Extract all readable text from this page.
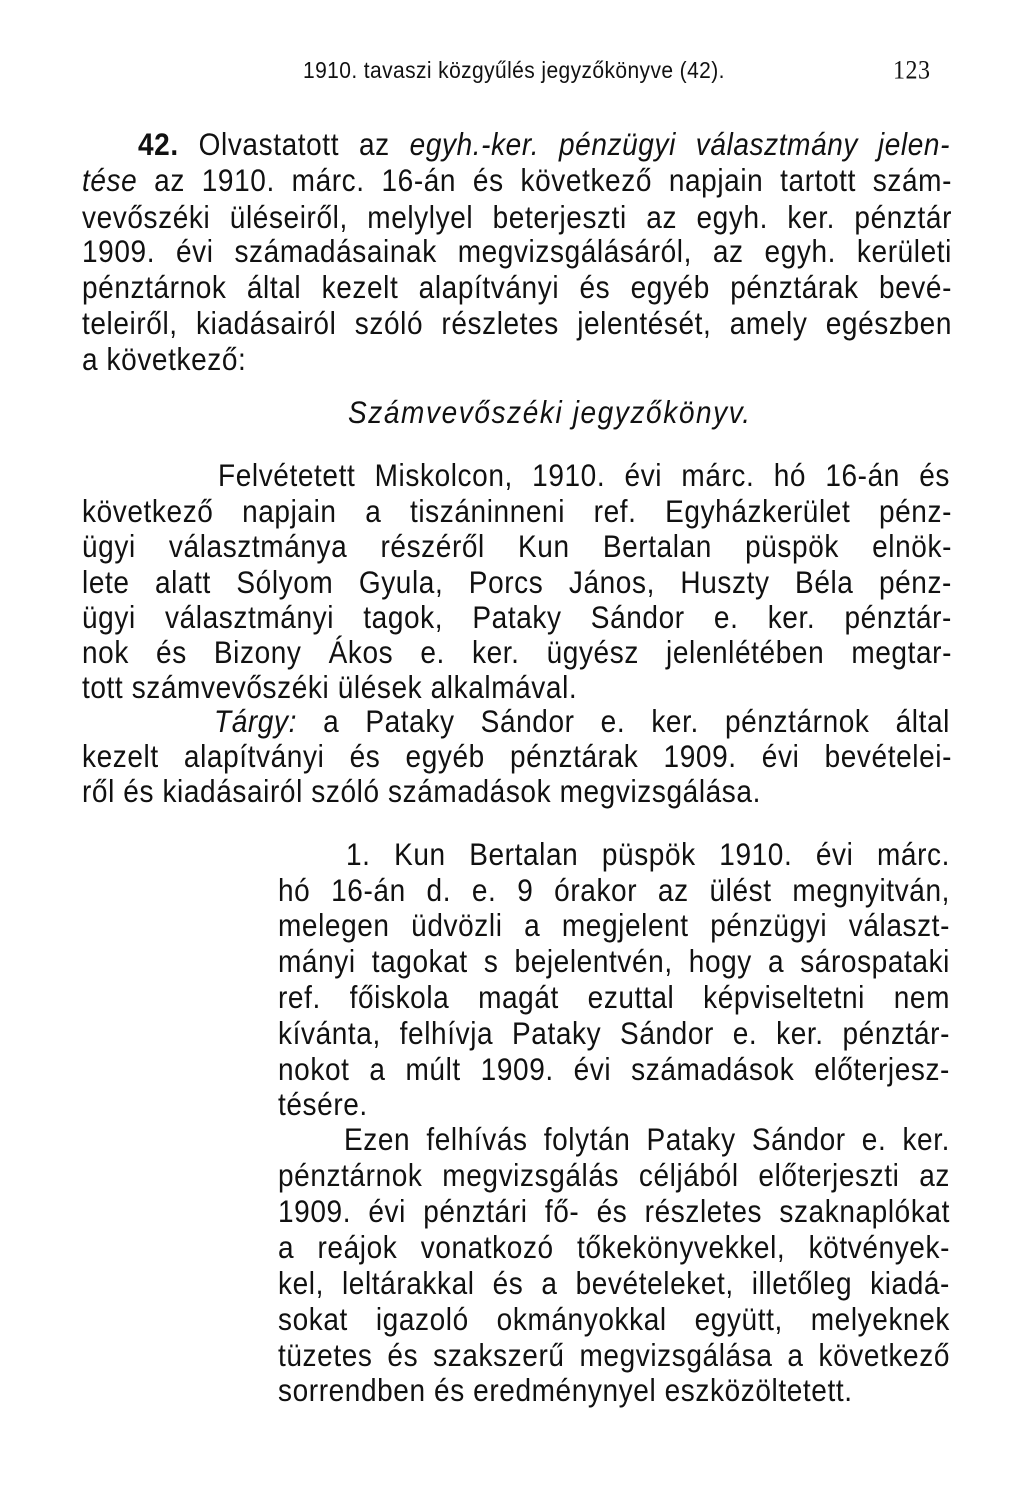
1910. tavaszi közgyűlés jegyzőkönyve (42).	123
42. Olvastatott az egyh.-ker. pénzügyi választmány jelen-
tése az 1910. márc. 16-án és következő napjain tartott szám-
vevőszéki üléseiről, melylyel beterjeszti az egyh. ker. pénztár
1909. évi számadásainak megvizsgálásáról, az egyh. kerületi
pénztárnok által kezelt alapítványi és egyéb pénztárak bevé-
teleiről, kiadásairól szóló részletes jelentését, amely egészben
a következő:
Számvevőszéki jegyzőkönyv.
Felvétetett Miskolcon, 1910. évi márc. hó 16-án és
következő napjain a tiszáninneni ref. Egyházkerület pénz-
ügyi választmánya részéről Kun Bertalan püspök elnök-
lete alatt Sólyom Gyula, Porcs János, Huszty Béla pénz-
ügyi választmányi tagok, Pataky Sándor e. ker. pénztár-
nok és Bizony Ákos e. ker. ügyész jelenlétében megtar-
tott számvevőszéki ülések alkalmával.
Tárgy: a Pataky Sándor e. ker. pénztárnok által
kezelt alapítványi és egyéb pénztárak 1909. évi bevételei-
ről és kiadásairól szóló számadások megvizsgálása.
1. Kun Bertalan püspök 1910. évi márc.
hó 16-án d. e. 9 órakor az ülést megnyitván,
melegen üdvözli a megjelent pénzügyi választ-
mányi tagokat s bejelentvén, hogy a sárospataki
ref. főiskola magát ezuttal képviseltetni nem
kívánta, felhívja Pataky Sándor e. ker. pénztár-
nokot a múlt 1909. évi számadások előterjesz-
tésére.
Ezen felhívás folytán Pataky Sándor e. ker.
pénztárnok megvizsgálás céljából előterjeszti az
1909. évi pénztári fő- és részletes szaknaplókat
a reájok vonatkozó tőkekönyvekkel, kötvények-
kel, leltárakkal és a bevételeket, illetőleg kiadá-
sokat igazoló okmányokkal együtt, melyeknek
tüzetes és szakszerű megvizsgálása a következő
sorrendben és eredménynyel eszközöltetett.
